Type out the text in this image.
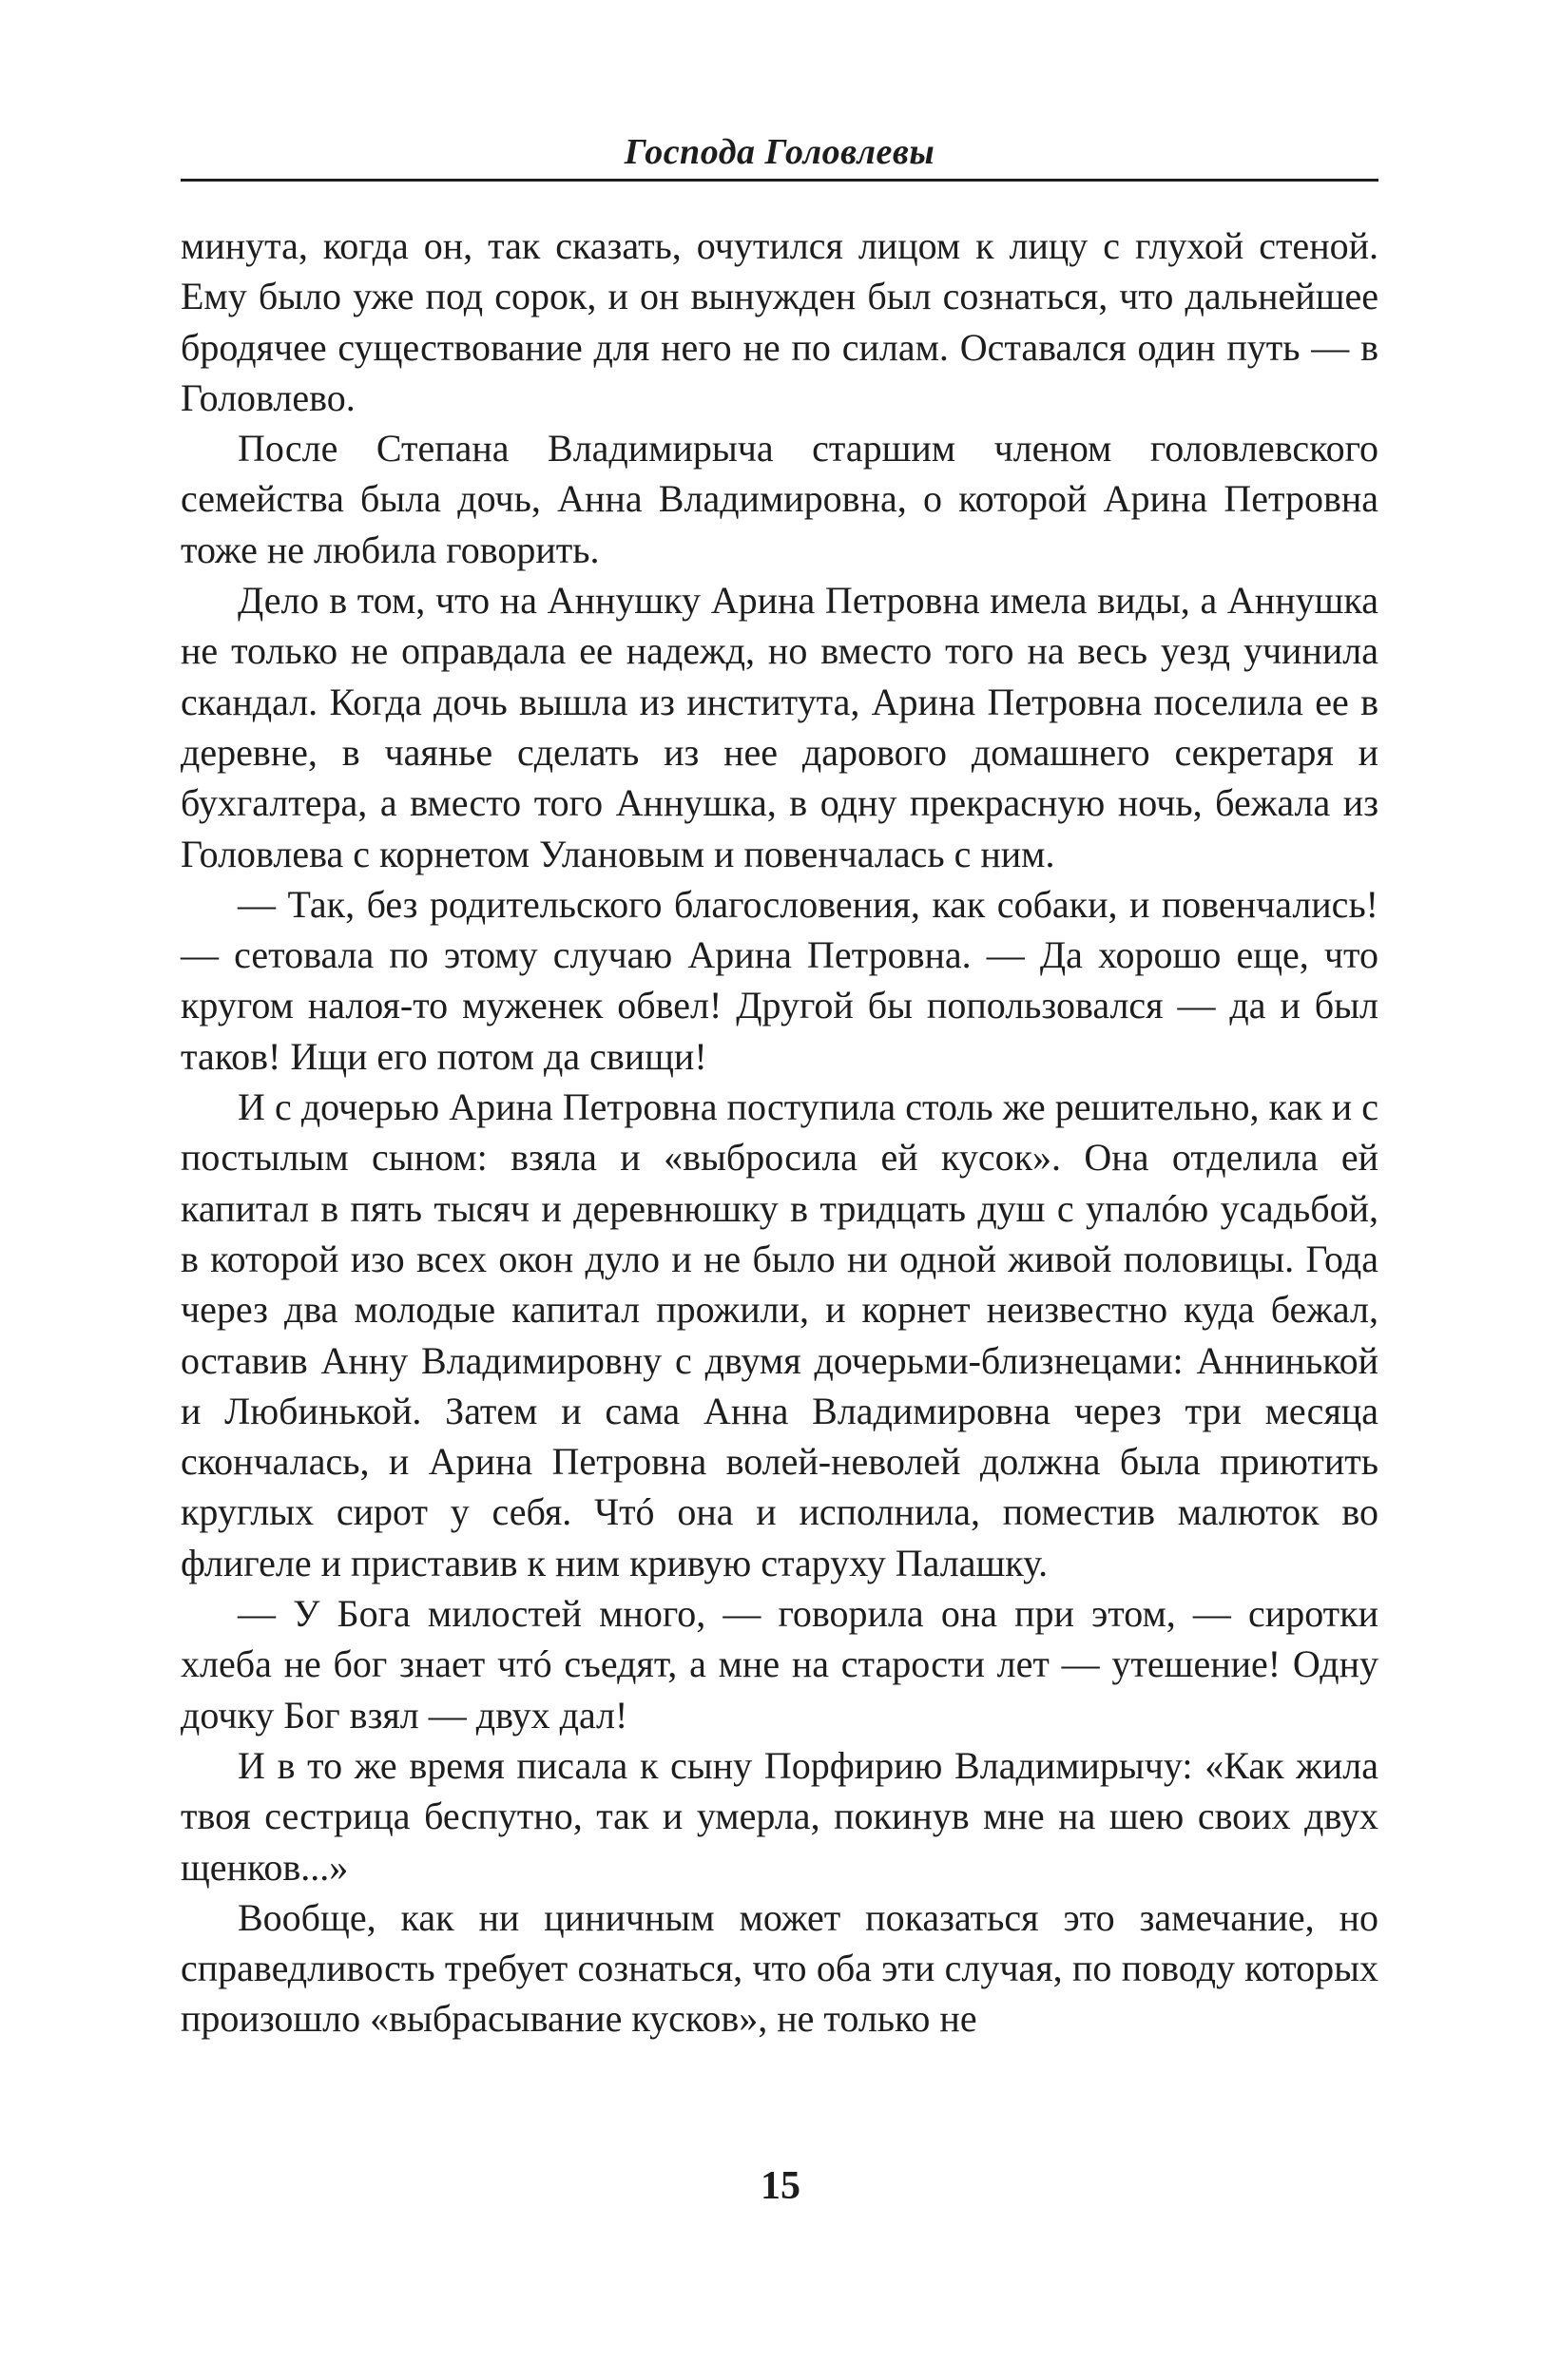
Господа Головлевы

минута, когда он, так сказать, очутился лицом к лицу с глухой стеной. Ему было уже под сорок, и он вынужден был сознаться, что дальнейшее бродячее существование для него не по силам. Оставался один путь — в Головлево.

После Степана Владимирыча старшим членом головлевского семейства была дочь, Анна Владимировна, о которой Арина Петровна тоже не любила говорить.

Дело в том, что на Аннушку Арина Петровна имела виды, а Аннушка не только не оправдала ее надежд, но вместо того на весь уезд учинила скандал. Когда дочь вышла из института, Арина Петровна поселила ее в деревне, в чаянье сделать из нее дарового домашнего секретаря и бухгалтера, а вместо того Аннушка, в одну прекрасную ночь, бежала из Головлева с корнетом Улановым и повенчалась с ним.

— Так, без родительского благословения, как собаки, и повенчались! — сетовала по этому случаю Арина Петровна. — Да хорошо еще, что кругом налоя-то муженек обвел! Другой бы попользовался — да и был таков! Ищи его потом да свищи!

И с дочерью Арина Петровна поступила столь же решительно, как и с постылым сыном: взяла и «выбросила ей кусок». Она отделила ей капитал в пять тысяч и деревнюшку в тридцать душ с упалóю усадьбой, в которой изо всех окон дуло и не было ни одной живой половицы. Года через два молодые капитал прожили, и корнет неизвестно куда бежал, оставив Анну Владимировну с двумя дочерьми-близнецами: Аннинькой и Любинькой. Затем и сама Анна Владимировна через три месяца скончалась, и Арина Петровна волей-неволей должна была приютить круглых сирот у себя. Чтó она и исполнила, поместив малюток во флигеле и приставив к ним кривую старуху Палашку.

— У Бога милостей много, — говорила она при этом, — сиротки хлеба не бог знает чтó съедят, а мне на старости лет — утешение! Одну дочку Бог взял — двух дал!

И в то же время писала к сыну Порфирию Владимирычу: «Как жила твоя сестрица беспутно, так и умерла, покинув мне на шею своих двух щенков...»

Вообще, как ни циничным может показаться это замечание, но справедливость требует сознаться, что оба эти случая, по поводу которых произошло «выбрасывание кусков», не только не

15
